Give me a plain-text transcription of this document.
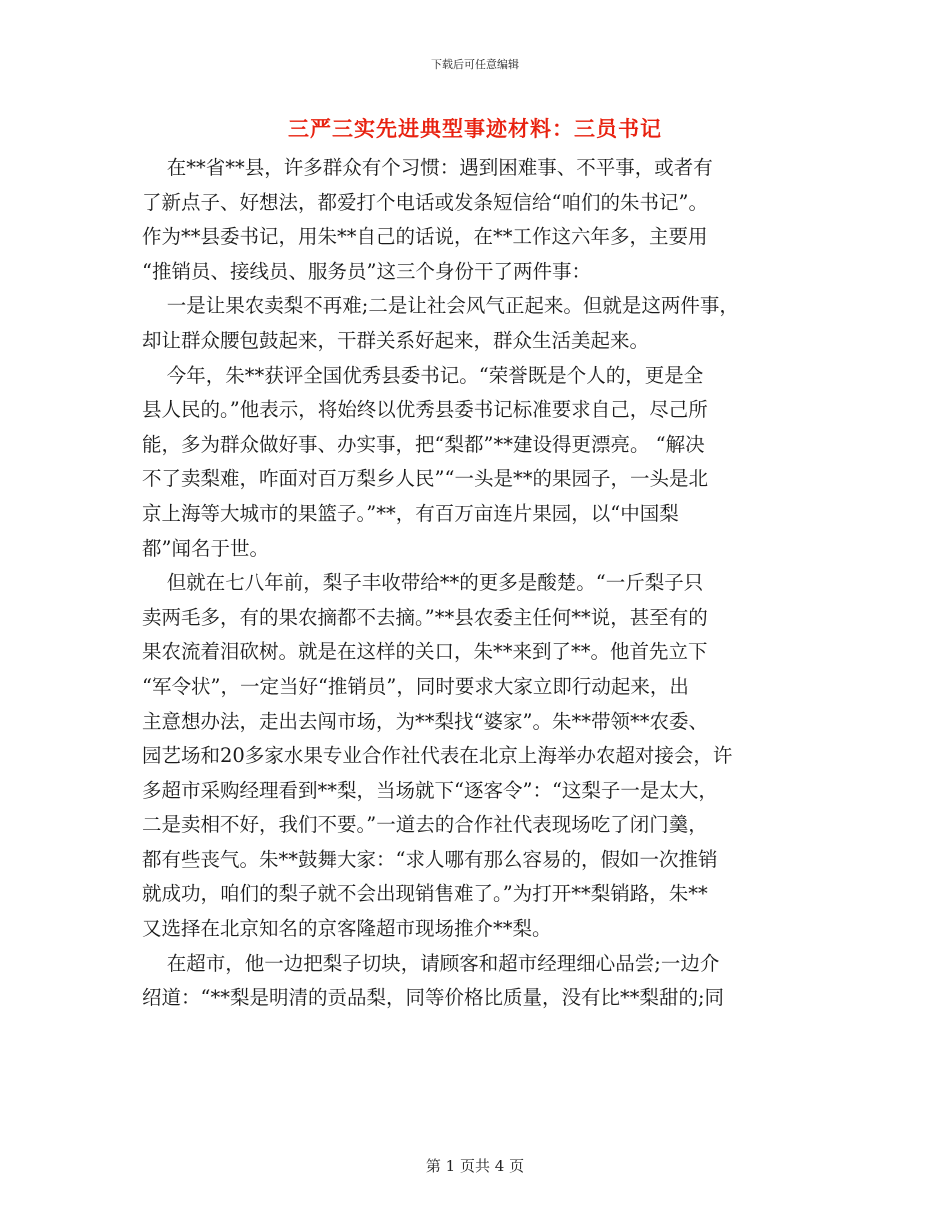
下载后可任意编辑
三严三实先进典型事迹材料：三员书记
在**省**县，许多群众有个习惯：遇到困难事、不平事，或者有
了新点子、好想法，都爱打个电话或发条短信给“咱们的朱书记”。
作为**县委书记，用朱**自己的话说，在**工作这六年多，主要用
“推销员、接线员、服务员”这三个身份干了两件事：
一是让果农卖梨不再难;二是让社会风气正起来。但就是这两件事，
却让群众腰包鼓起来，干群关系好起来，群众生活美起来。
今年，朱**获评全国优秀县委书记。“荣誉既是个人的，更是全
县人民的。”他表示，将始终以优秀县委书记标准要求自己，尽己所
能，多为群众做好事、办实事，把“梨都”**建设得更漂亮。 “解决
不了卖梨难，咋面对百万梨乡人民”“一头是**的果园子，一头是北
京上海等大城市的果篮子。”**，有百万亩连片果园，以“中国梨
都”闻名于世。
但就在七八年前，梨子丰收带给**的更多是酸楚。“一斤梨子只
卖两毛多，有的果农摘都不去摘。”**县农委主任何**说，甚至有的
果农流着泪砍树。就是在这样的关口，朱**来到了**。他首先立下
“军令状”，一定当好“推销员”，同时要求大家立即行动起来，出
主意想办法，走出去闯市场，为**梨找“婆家”。朱**带领**农委、
园艺场和20多家水果专业合作社代表在北京上海举办农超对接会，许
多超市采购经理看到**梨，当场就下“逐客令”：“这梨子一是太大，
二是卖相不好，我们不要。”一道去的合作社代表现场吃了闭门羹，
都有些丧气。朱**鼓舞大家：“求人哪有那么容易的，假如一次推销
就成功，咱们的梨子就不会出现销售难了。”为打开**梨销路，朱**
又选择在北京知名的京客隆超市现场推介**梨。
在超市，他一边把梨子切块，请顾客和超市经理细心品尝;一边介
绍道：“**梨是明清的贡品梨，同等价格比质量，没有比**梨甜的;同
第 1 页共 4 页
